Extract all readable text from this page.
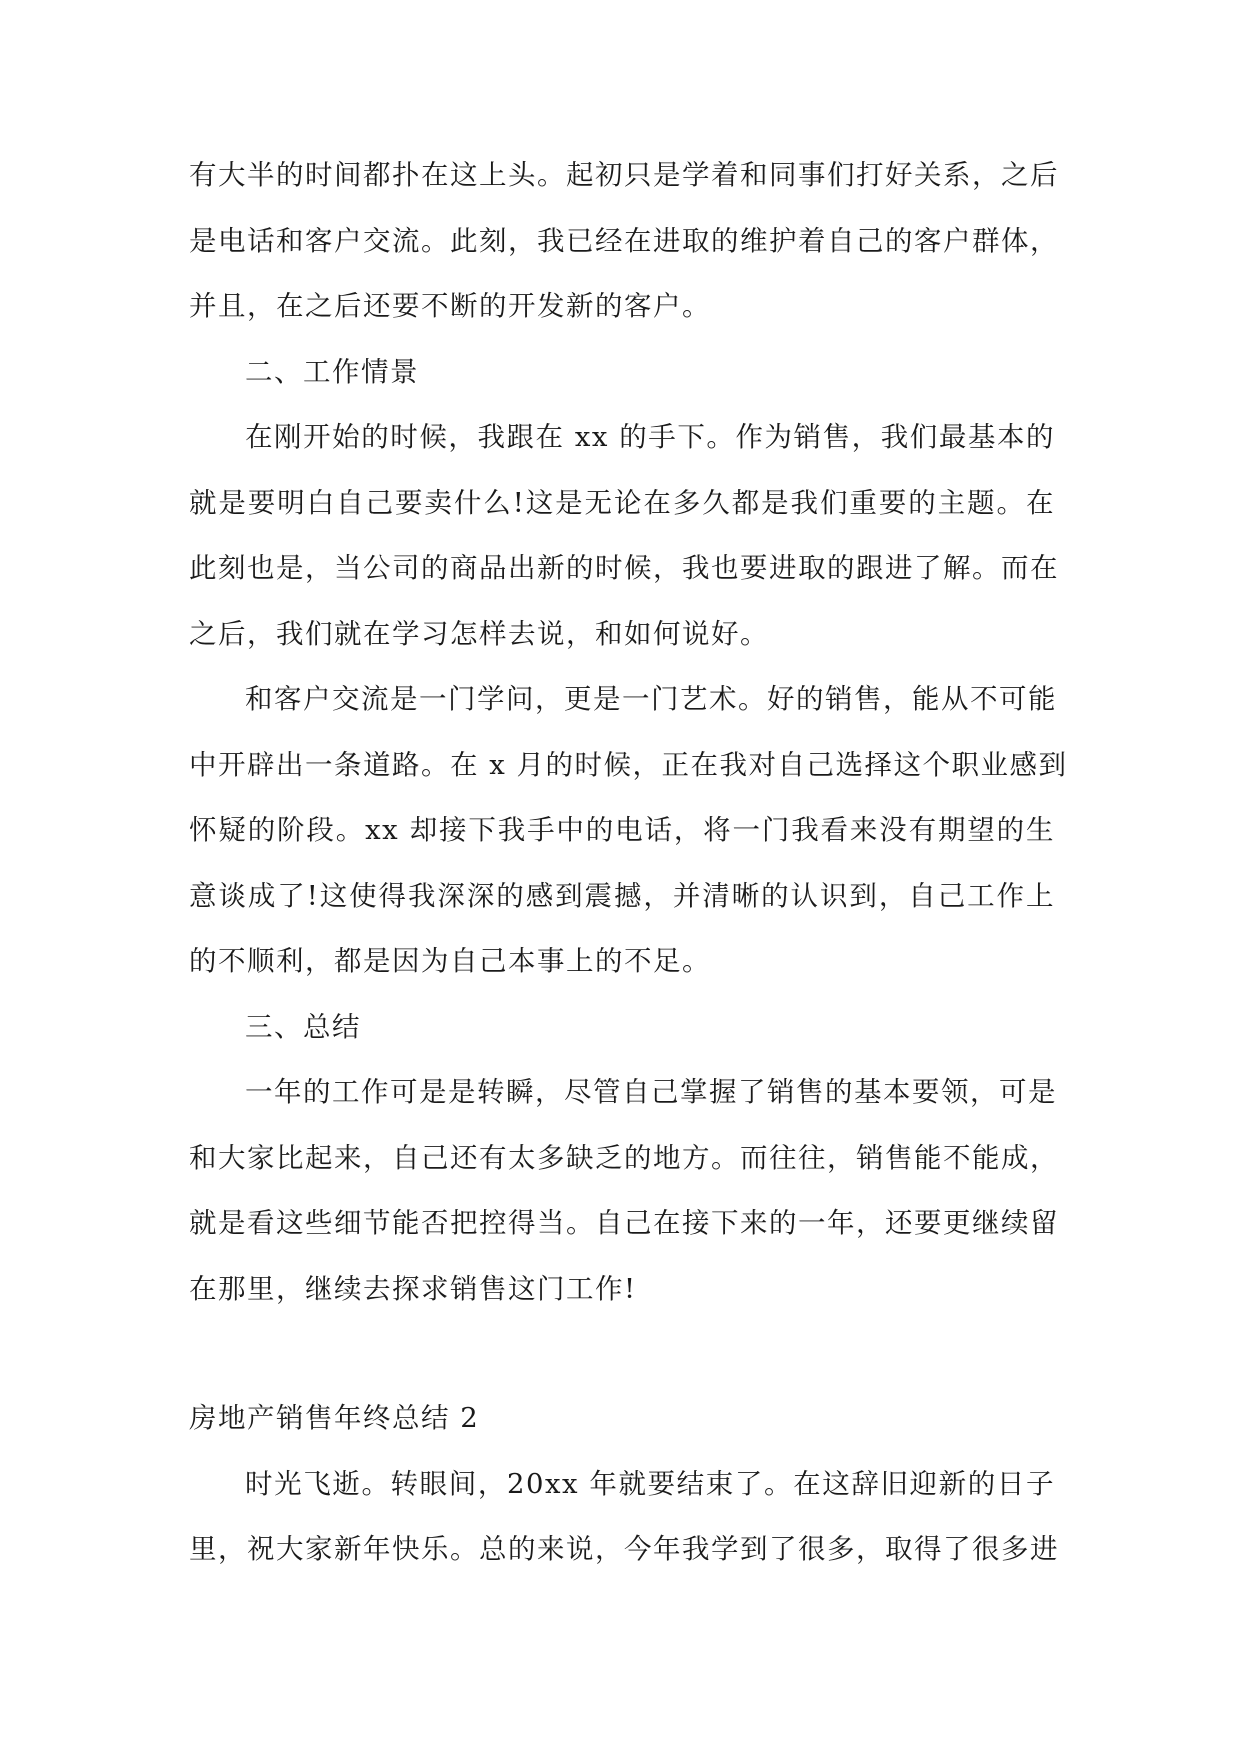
有大半的时间都扑在这上头。起初只是学着和同事们打好关系，之后
是电话和客户交流。此刻，我已经在进取的维护着自己的客户群体，
并且，在之后还要不断的开发新的客户。
二、工作情景
在刚开始的时候，我跟在 xx 的手下。作为销售，我们最基本的
就是要明白自己要卖什么!这是无论在多久都是我们重要的主题。在
此刻也是，当公司的商品出新的时候，我也要进取的跟进了解。而在
之后，我们就在学习怎样去说，和如何说好。
和客户交流是一门学问，更是一门艺术。好的销售，能从不可能
中开辟出一条道路。在 x 月的时候，正在我对自己选择这个职业感到
怀疑的阶段。xx 却接下我手中的电话，将一门我看来没有期望的生
意谈成了!这使得我深深的感到震撼，并清晰的认识到，自己工作上
的不顺利，都是因为自己本事上的不足。
三、总结
一年的工作可是是转瞬，尽管自己掌握了销售的基本要领，可是
和大家比起来，自己还有太多缺乏的地方。而往往，销售能不能成，
就是看这些细节能否把控得当。自己在接下来的一年，还要更继续留
在那里，继续去探求销售这门工作!
房地产销售年终总结 2
时光飞逝。转眼间，20xx 年就要结束了。在这辞旧迎新的日子
里，祝大家新年快乐。总的来说，今年我学到了很多，取得了很多进
